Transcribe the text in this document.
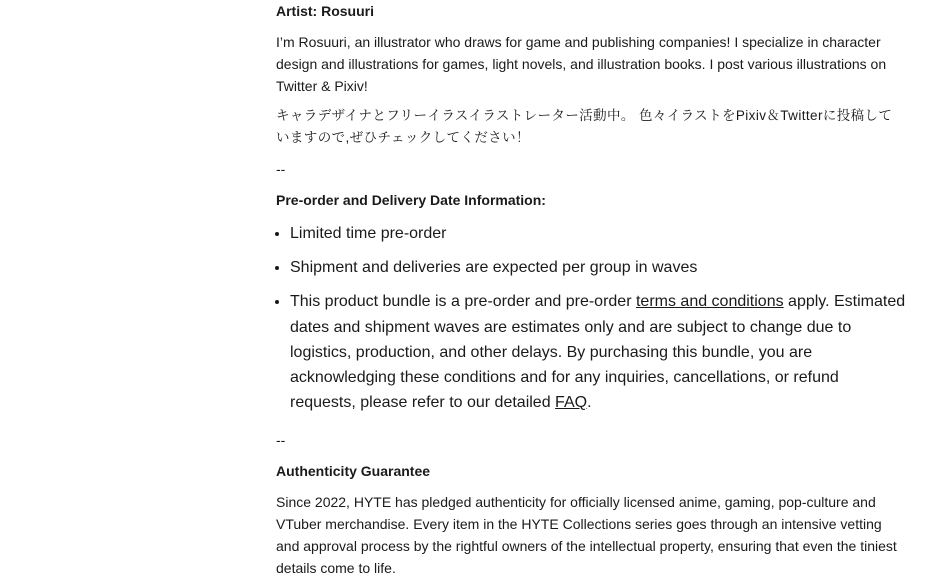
Artist: Rosuuri

I’m Rosuuri, an illustrator who draws for game and publishing companies! I specialize in character design and illustrations for games, light novels, and illustration books. I post various illustrations on Twitter & Pixiv!

キャラデザイナとフリーイラスイラストレーター活動中。 色々イラストをPixiv＆Twitterに投稿していますので,ぜひチェックしてください！

--

Pre-order and Delivery Date Information:

• Limited time pre-order
• Shipment and deliveries are expected per group in waves
• This product bundle is a pre-order and pre-order terms and conditions apply. Estimated dates and shipment waves are estimates only and are subject to change due to logistics, production, and other delays. By purchasing this bundle, you are acknowledging these conditions and for any inquiries, cancellations, or refund requests, please refer to our detailed FAQ.

--

Authenticity Guarantee

Since 2022, HYTE has pledged authenticity for officially licensed anime, gaming, pop-culture and VTuber merchandise. Every item in the HYTE Collections series goes through an intensive vetting and approval process by the rightful owners of the intellectual property, ensuring that even the tiniest details come to life.
